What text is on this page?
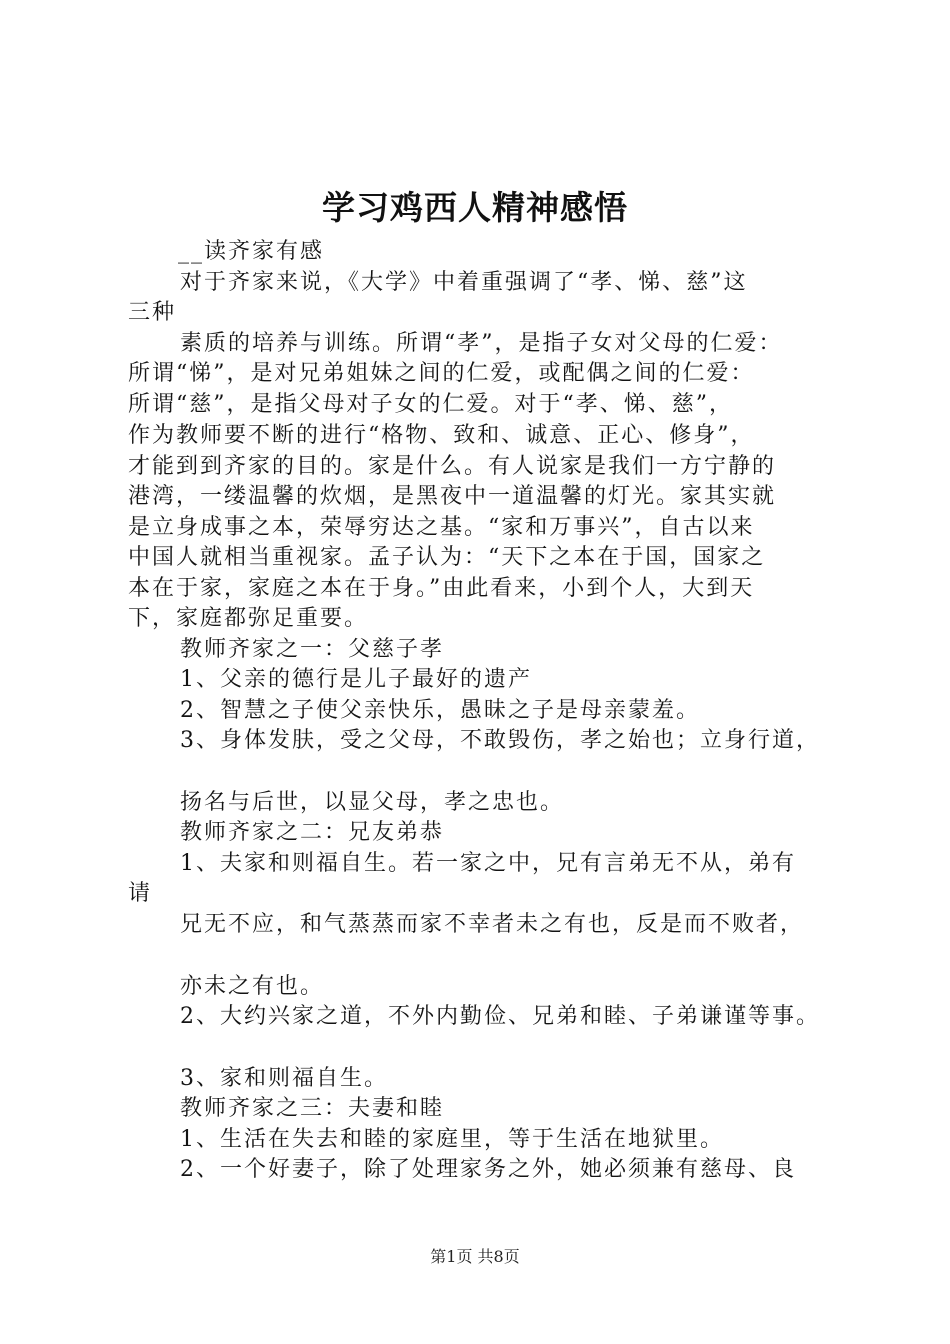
学习鸡西人精神感悟
__读齐家有感
对于齐家来说，《大学》中着重强调了“孝、悌、慈”这
三种
素质的培养与训练。所谓“孝”，是指子女对父母的仁爱：
所谓“悌”，是对兄弟姐妹之间的仁爱，或配偶之间的仁爱：
所谓“慈”，是指父母对子女的仁爱。对于“孝、悌、慈”，
作为教师要不断的进行“格物、致和、诚意、正心、修身”，
才能到到齐家的目的。家是什么。有人说家是我们一方宁静的
港湾，一缕温馨的炊烟，是黑夜中一道温馨的灯光。家其实就
是立身成事之本，荣辱穷达之基。“家和万事兴”，自古以来
中国人就相当重视家。孟子认为：“天下之本在于国，国家之
本在于家，家庭之本在于身。”由此看来，小到个人，大到天
下，家庭都弥足重要。
教师齐家之一：父慈子孝
1、父亲的德行是儿子最好的遗产
2、智慧之子使父亲快乐，愚昧之子是母亲蒙羞。
3、身体发肤，受之父母，不敢毁伤，孝之始也；立身行道，
扬名与后世，以显父母，孝之忠也。
教师齐家之二：兄友弟恭
1、夫家和则福自生。若一家之中，兄有言弟无不从，弟有
请
兄无不应，和气蒸蒸而家不幸者未之有也，反是而不败者，
亦未之有也。
2、大约兴家之道，不外内勤俭、兄弟和睦、子弟谦谨等事。
3、家和则福自生。
教师齐家之三：夫妻和睦
1、生活在失去和睦的家庭里，等于生活在地狱里。
2、一个好妻子，除了处理家务之外，她必须兼有慈母、良
第1页 共8页
